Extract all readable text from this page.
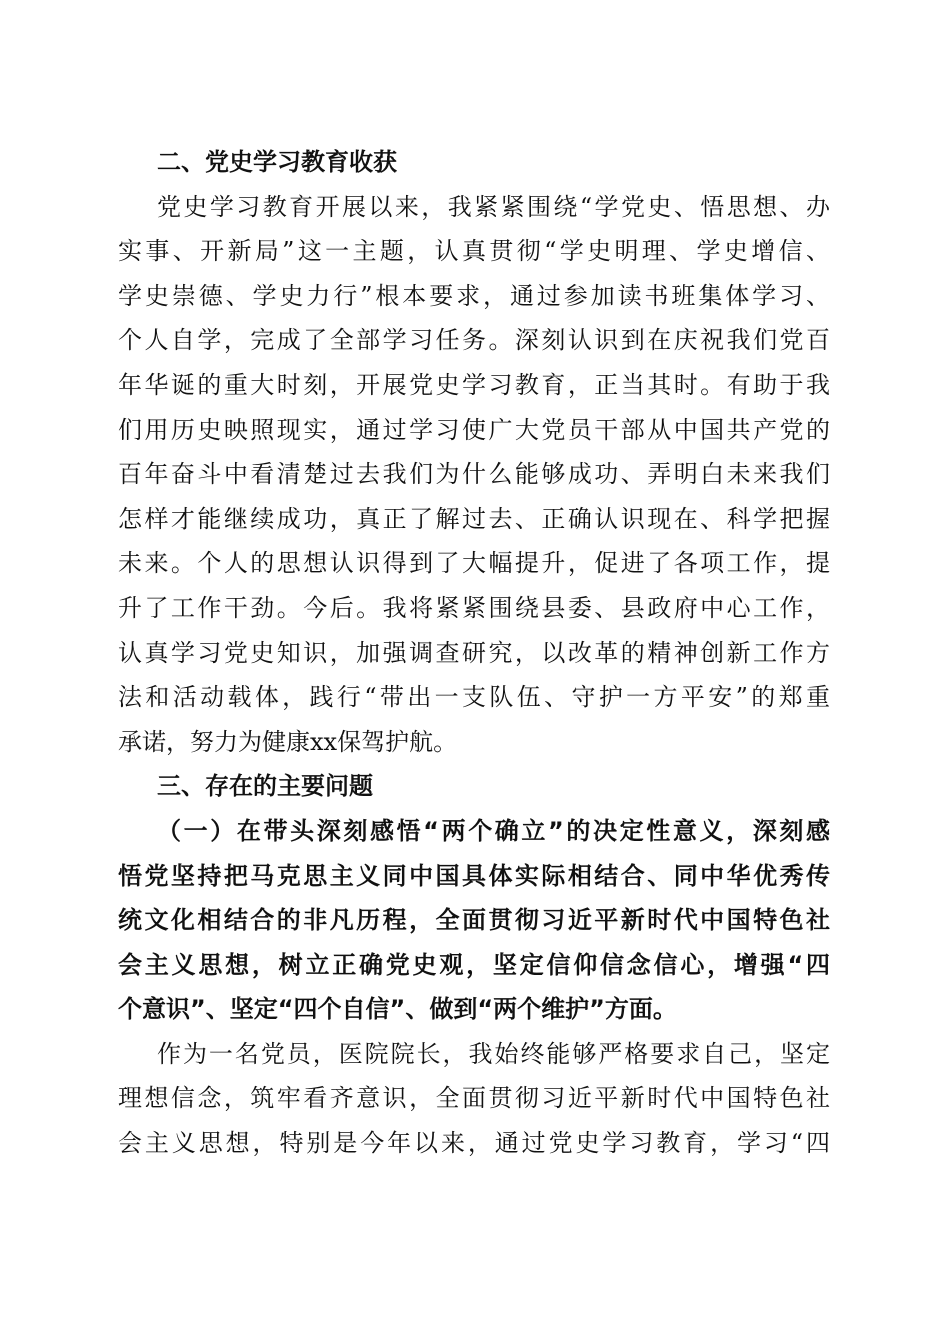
二、党史学习教育收获
党史学习教育开展以来，我紧紧围绕“学党史、悟思想、办
实事、开新局”这一主题，认真贯彻“学史明理、学史增信、
学史崇德、学史力行”根本要求，通过参加读书班集体学习、
个人自学，完成了全部学习任务。深刻认识到在庆祝我们党百
年华诞的重大时刻，开展党史学习教育，正当其时。有助于我
们用历史映照现实，通过学习使广大党员干部从中国共产党的
百年奋斗中看清楚过去我们为什么能够成功、弄明白未来我们
怎样才能继续成功，真正了解过去、正确认识现在、科学把握
未来。个人的思想认识得到了大幅提升，促进了各项工作，提
升了工作干劲。今后。我将紧紧围绕县委、县政府中心工作，
认真学习党史知识，加强调查研究，以改革的精神创新工作方
法和活动载体，践行“带出一支队伍、守护一方平安”的郑重
承诺，努力为健康xx保驾护航。
三、存在的主要问题
（一）在带头深刻感悟“两个确立”的决定性意义，深刻感
悟党坚持把马克思主义同中国具体实际相结合、同中华优秀传
统文化相结合的非凡历程，全面贯彻习近平新时代中国特色社
会主义思想，树立正确党史观，坚定信仰信念信心，增强“四
个意识”、坚定“四个自信”、做到“两个维护”方面。
作为一名党员，医院院长，我始终能够严格要求自己，坚定
理想信念，筑牢看齐意识，全面贯彻习近平新时代中国特色社
会主义思想，特别是今年以来，通过党史学习教育，学习“四
